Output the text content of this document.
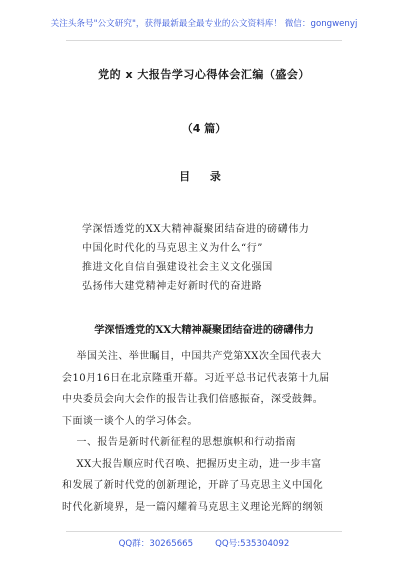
关注头条号"公文研究"，获得最新最全最专业的公文资料库！ 微信：gongwenyj
党的 x 大报告学习心得体会汇编（盛会）
（4 篇）
目 录
学深悟透党的XX大精神凝聚团结奋进的磅礴伟力
中国化时代化的马克思主义为什么“行”
推进文化自信自强建设社会主义文化强国
弘扬伟大建党精神走好新时代的奋进路
学深悟透党的XX大精神凝聚团结奋进的磅礴伟力

举国关注、举世瞩目，中国共产党第XX次全国代表大

会10月16日在北京隆重开幕。习近平总书记代表第十九届

中央委员会向大会作的报告让我们倍感振奋，深受鼓舞。

下面谈一谈个人的学习体会。

一、报告是新时代新征程的思想旗帜和行动指南

XX大报告顺应时代召唤、把握历史主动，进一步丰富

和发展了新时代党的创新理论，开辟了马克思主义中国化

时代化新境界，是一篇闪耀着马克思主义理论光辉的纲领

QQ群：30265665	QQ号:535304092
